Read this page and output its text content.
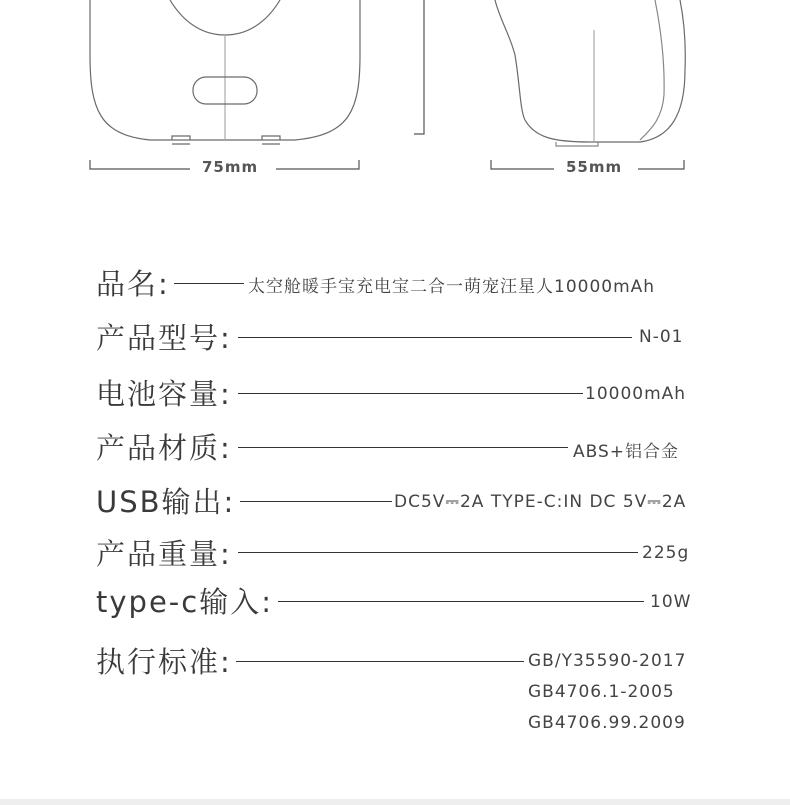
75mm	55mm
品名:	太空舱暖手宝充电宝二合一萌宠汪星人10000mAh
产品型号:	N-01
电池容量:	10000mAh
产品材质:	ABS+铝合金
USB输出:	DC5V⎓2A TYPE-C:IN DC 5V⎓2A
产品重量:	225g
type-c输入:	10W
执行标准:	GB/Y35590-2017
GB4706.1-2005
GB4706.99.2009
